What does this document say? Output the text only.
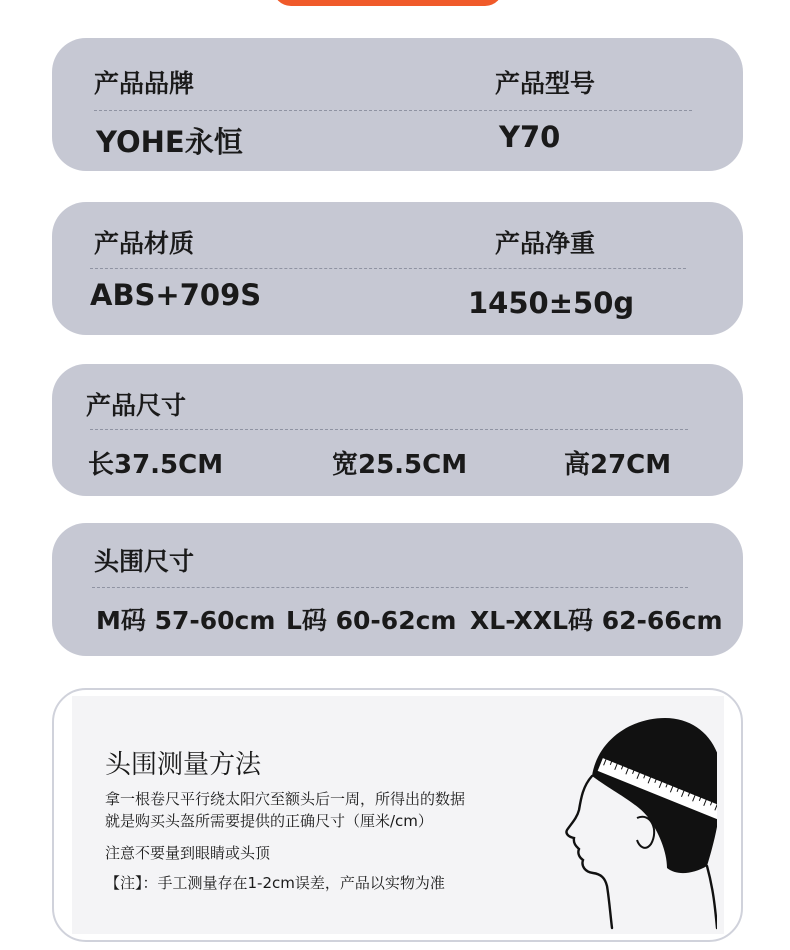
产品品牌	产品型号
YOHE永恒	Y70
产品材质	产品净重
ABS+709S	1450±50g
产品尺寸
长37.5CM	宽25.5CM	高27CM
头围尺寸
M码 57-60cm L码 60-62cm XL-XXL码 62-66cm
头围测量方法
拿一根卷尺平行绕太阳穴至额头后一周，所得出的数据
就是购买头盔所需要提供的正确尺寸（厘米/cm）
注意不要量到眼睛或头顶
【注】：手工测量存在1-2cm误差，产品以实物为准
